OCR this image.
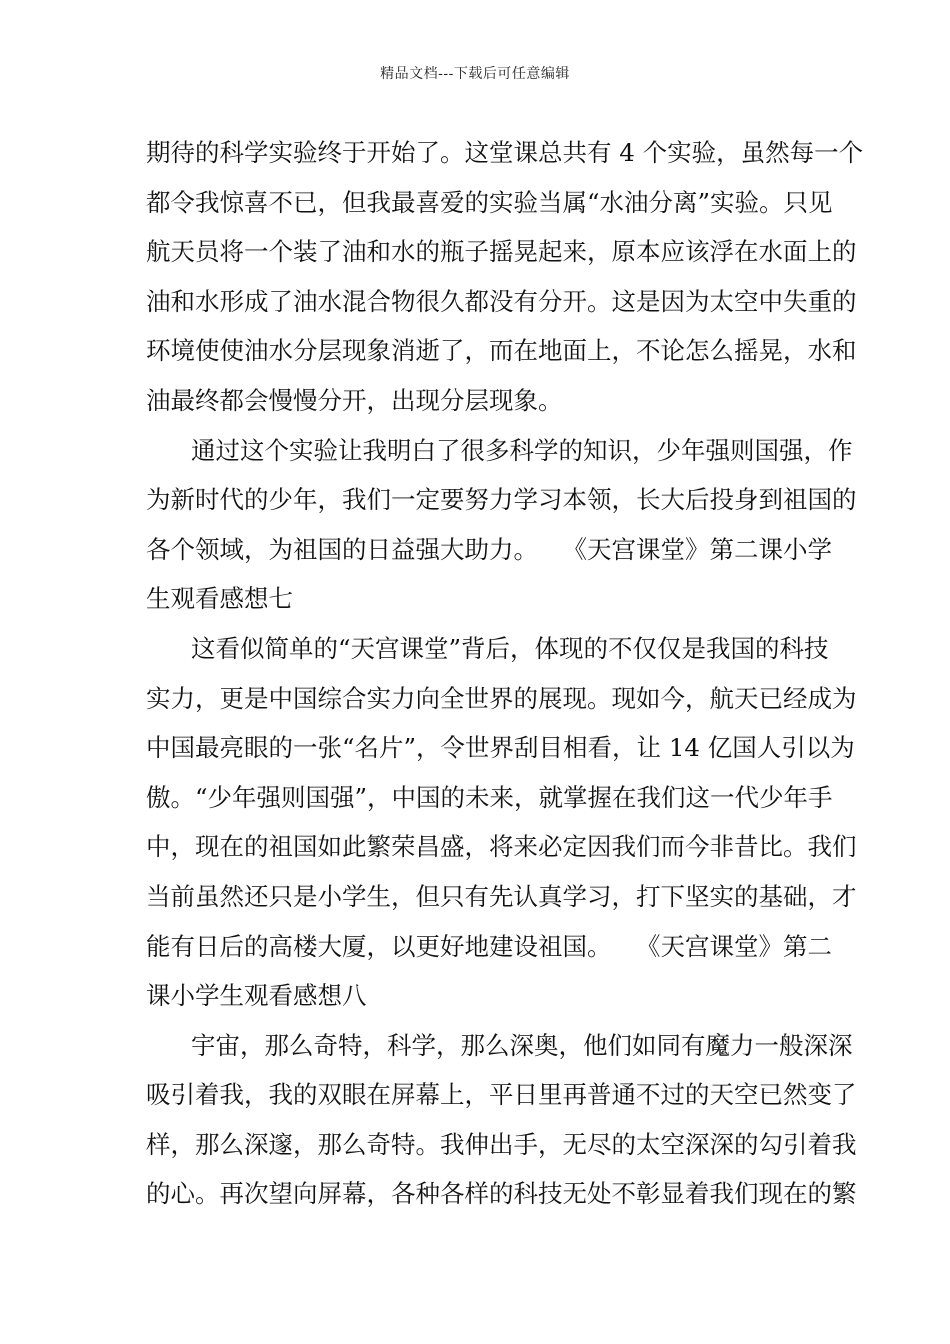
精品文档---下载后可任意编辑
期待的科学实验终于开始了。这堂课总共有 4 个实验，虽然每一个
都令我惊喜不已，但我最喜爱的实验当属“水油分离”实验。只见
航天员将一个装了油和水的瓶子摇晃起来，原本应该浮在水面上的
油和水形成了油水混合物很久都没有分开。这是因为太空中失重的
环境使使油水分层现象消逝了，而在地面上，不论怎么摇晃，水和
油最终都会慢慢分开，出现分层现象。
通过这个实验让我明白了很多科学的知识，少年强则国强，作
为新时代的少年，我们一定要努力学习本领，长大后投身到祖国的
各个领域，为祖国的日益强大助力。　　《天宫课堂》第二课小学
生观看感想七
这看似简单的“天宫课堂”背后，体现的不仅仅是我国的科技
实力，更是中国综合实力向全世界的展现。现如今，航天已经成为
中国最亮眼的一张“名片”，令世界刮目相看，让 14 亿国人引以为
傲。“少年强则国强”，中国的未来，就掌握在我们这一代少年手
中，现在的祖国如此繁荣昌盛，将来必定因我们而今非昔比。我们
当前虽然还只是小学生，但只有先认真学习，打下坚实的基础，才
能有日后的高楼大厦，以更好地建设祖国。　　《天宫课堂》第二
课小学生观看感想八
宇宙，那么奇特，科学，那么深奥，他们如同有魔力一般深深
吸引着我，我的双眼在屏幕上，平日里再普通不过的天空已然变了
样，那么深邃，那么奇特。我伸出手，无尽的太空深深的勾引着我
的心。再次望向屏幕，各种各样的科技无处不彰显着我们现在的繁
